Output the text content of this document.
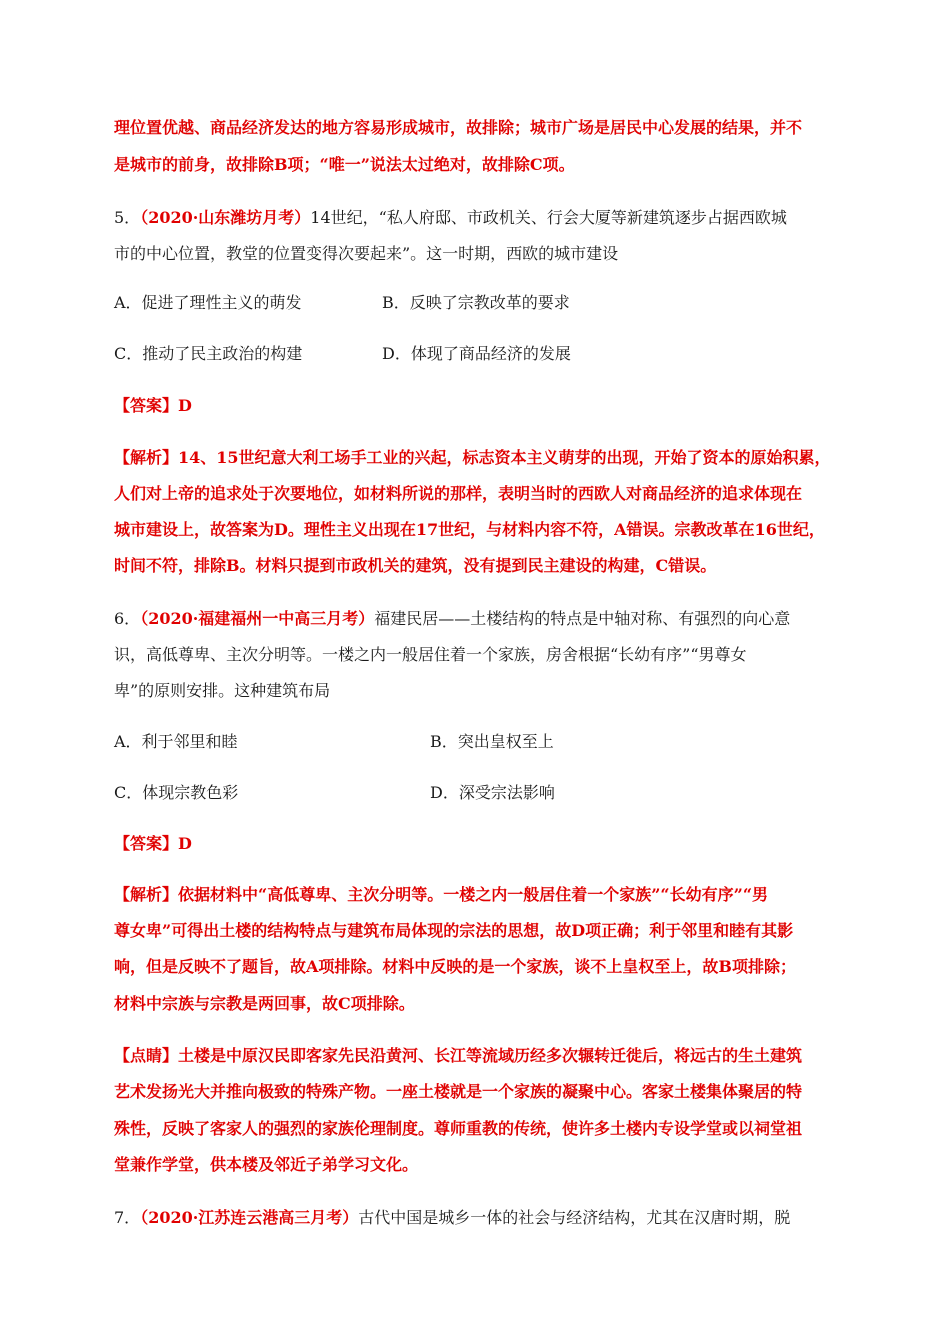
理位置优越、商品经济发达的地方容易形成城市，故排除；城市广场是居民中心发展的结果，并不
是城市的前身，故排除B项；“唯一”说法太过绝对，故排除C项。
5．（2020·山东潍坊月考）14世纪，“私人府邸、市政机关、行会大厦等新建筑逐步占据西欧城
市的中心位置，教堂的位置变得次要起来”。这一时期，西欧的城市建设
A．促进了理性主义的萌发	B．反映了宗教改革的要求
C．推动了民主政治的构建	D．体现了商品经济的发展
【答案】D
【解析】14、15世纪意大利工场手工业的兴起，标志资本主义萌芽的出现，开始了资本的原始积累，
人们对上帝的追求处于次要地位，如材料所说的那样，表明当时的西欧人对商品经济的追求体现在
城市建设上，故答案为D。理性主义出现在17世纪，与材料内容不符，A错误。宗教改革在16世纪，
时间不符，排除B。材料只提到市政机关的建筑，没有提到民主建设的构建，C错误。
6．（2020·福建福州一中高三月考）福建民居——土楼结构的特点是中轴对称、有强烈的向心意
识，高低尊卑、主次分明等。一楼之内一般居住着一个家族，房舍根据“长幼有序”“男尊女
卑”的原则安排。这种建筑布局
A．利于邻里和睦	B．突出皇权至上
C．体现宗教色彩	D．深受宗法影响
【答案】D
【解析】依据材料中“高低尊卑、主次分明等。一楼之内一般居住着一个家族”“长幼有序”“男
尊女卑”可得出土楼的结构特点与建筑布局体现的宗法的思想，故D项正确；利于邻里和睦有其影
响，但是反映不了题旨，故A项排除。材料中反映的是一个家族，谈不上皇权至上，故B项排除；
材料中宗族与宗教是两回事，故C项排除。
【点睛】土楼是中原汉民即客家先民沿黄河、长江等流域历经多次辗转迁徙后，将远古的生土建筑
艺术发扬光大并推向极致的特殊产物。一座土楼就是一个家族的凝聚中心。客家土楼集体聚居的特
殊性，反映了客家人的强烈的家族伦理制度。尊师重教的传统，使许多土楼内专设学堂或以祠堂祖
堂兼作学堂，供本楼及邻近子弟学习文化。
7．（2020·江苏连云港高三月考）古代中国是城乡一体的社会与经济结构，尤其在汉唐时期，脱
